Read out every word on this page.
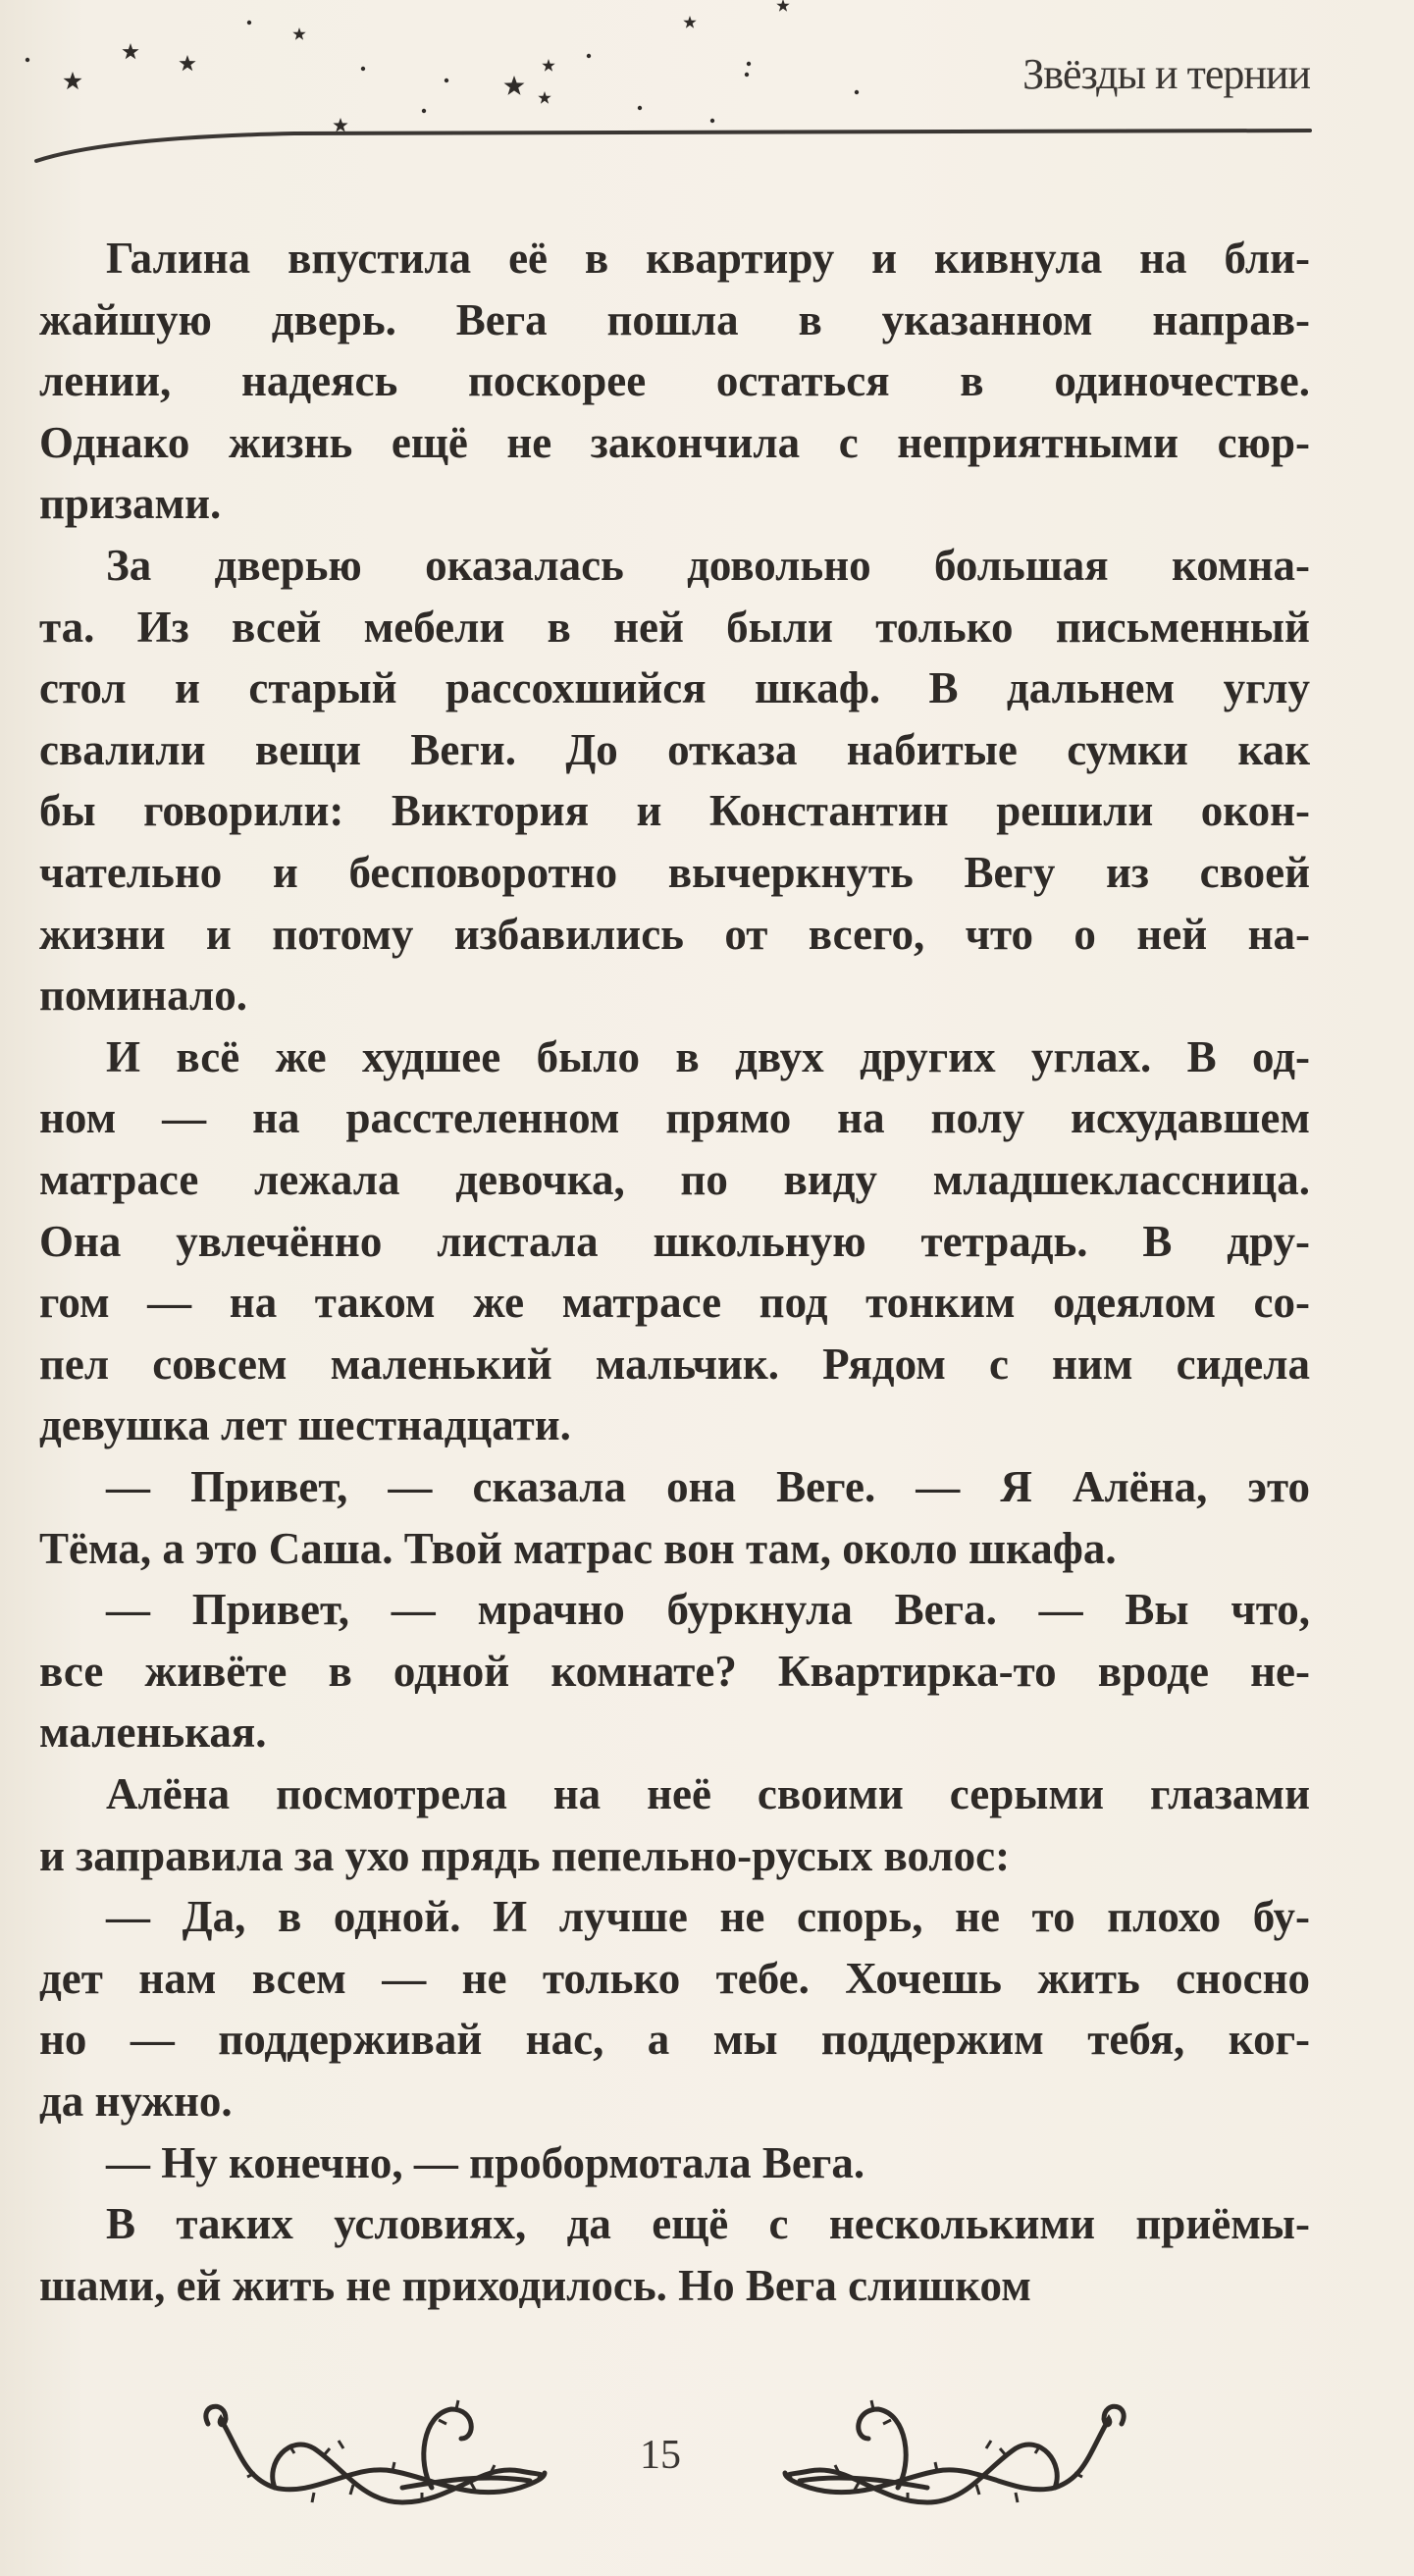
Звёзды и тернии
Галина впустила её в квартиру и кивнула на бли-
жайшую дверь. Вега пошла в указанном направ-
лении, надеясь поскорее остаться в одиночестве.
Однако жизнь ещё не закончила с неприятными сюр-
призами.
За дверью оказалась довольно большая комна-
та. Из всей мебели в ней были только письменный
стол и старый рассохшийся шкаф. В дальнем углу
свалили вещи Веги. До отказа набитые сумки как
бы говорили: Виктория и Константин решили окон-
чательно и бесповоротно вычеркнуть Вегу из своей
жизни и потому избавились от всего, что о ней на-
поминало.
И всё же худшее было в двух других углах. В од-
ном — на расстеленном прямо на полу исхудавшем
матрасе лежала девочка, по виду младшеклассница.
Она увлечённо листала школьную тетрадь. В дру-
гом — на таком же матрасе под тонким одеялом со-
пел совсем маленький мальчик. Рядом с ним сидела
девушка лет шестнадцати.
— Привет, — сказала она Веге. — Я Алёна, это
Тёма, а это Саша. Твой матрас вон там, около шкафа.
— Привет, — мрачно буркнула Вега. — Вы что,
все живёте в одной комнате? Квартирка-то вроде не-
маленькая.
Алёна посмотрела на неё своими серыми глазами
и заправила за ухо прядь пепельно-русых волос:
— Да, в одной. И лучше не спорь, не то плохо бу-
дет нам всем — не только тебе. Хочешь жить сносно
но — поддерживай нас, а мы поддержим тебя, ког-
да нужно.
— Ну конечно, — пробормотала Вега.
В таких условиях, да ещё с несколькими приёмы-
шами, ей жить не приходилось. Но Вега слишком
15
